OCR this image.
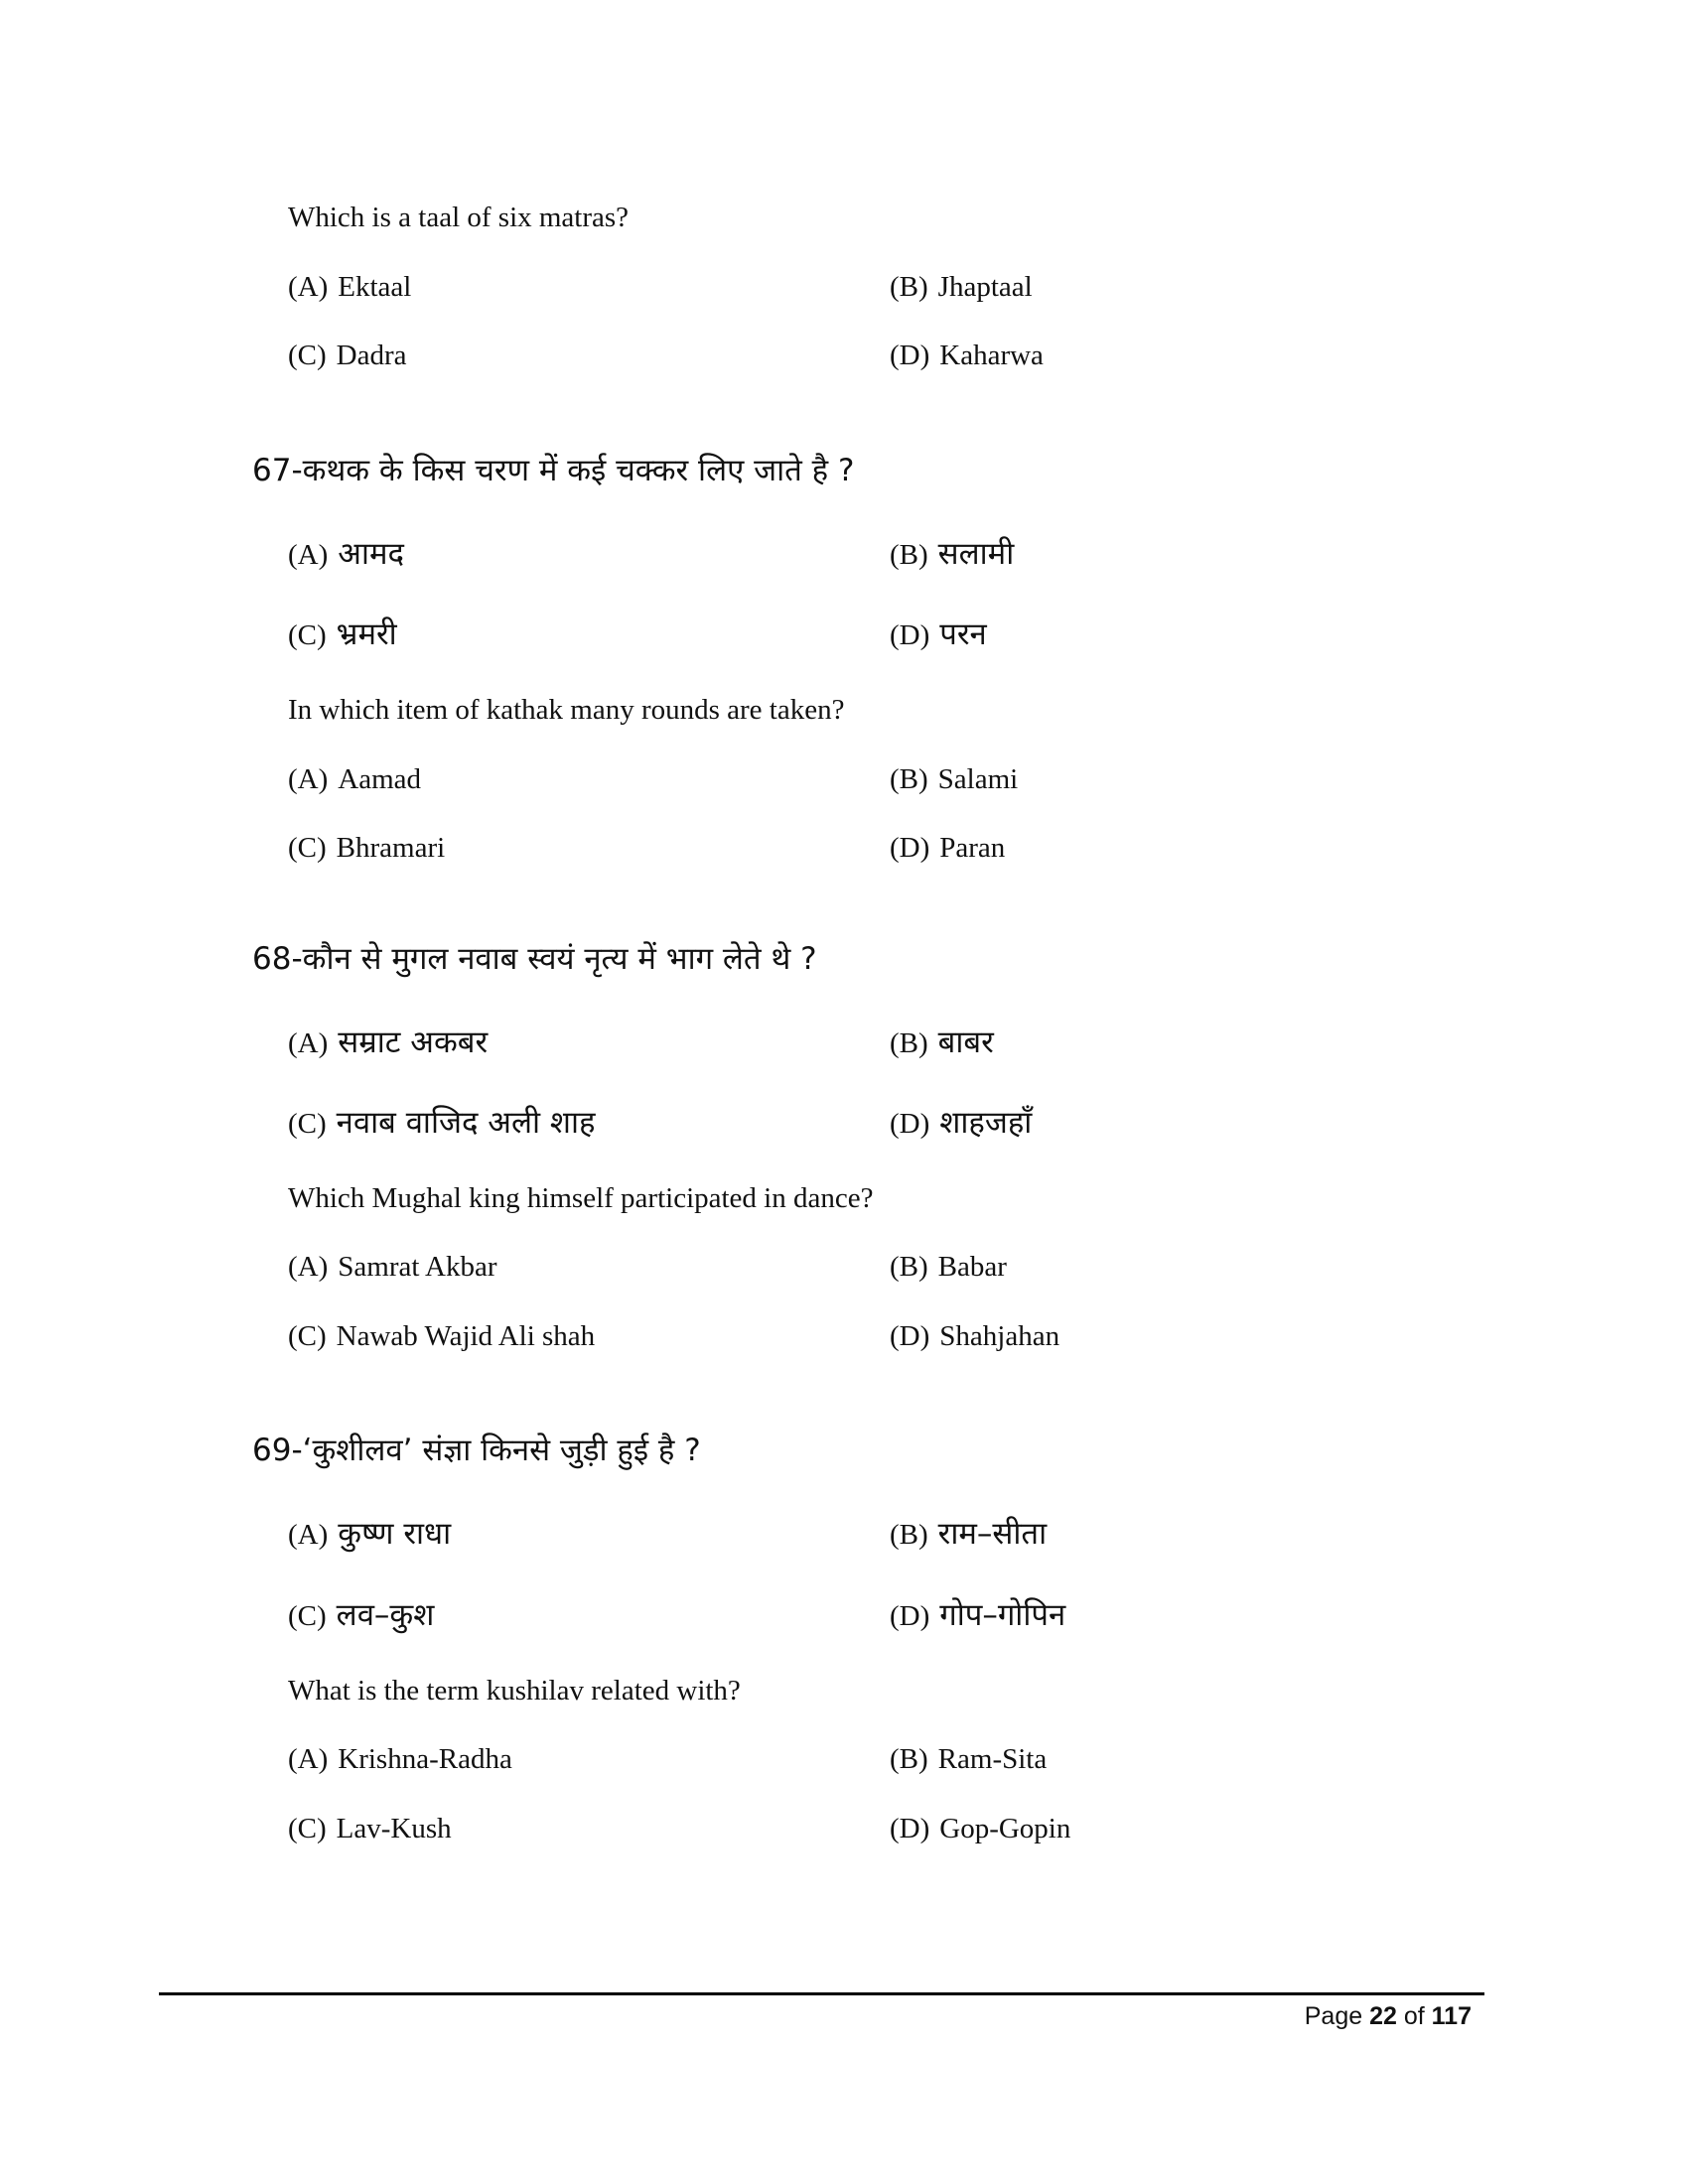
Which is a taal of six matras?
(A) Ektaal	(B) Jhaptaal
(C) Dadra	(D) Kaharwa
67-कथक के किस चरण में कई चक्कर लिए जाते है ?
(A) आमद	(B) सलामी
(C) भ्रमरी	(D) परन
In which item of kathak many rounds are taken?
(A) Aamad	(B) Salami
(C) Bhramari	(D) Paran
68-कौन से मुगल नवाब स्वयं नृत्य में भाग लेते थे ?
(A) सम्राट अकबर	(B) बाबर
(C) नवाब वाजिद अली शाह	(D) शाहजहाँ
Which Mughal king himself participated in dance?
(A) Samrat Akbar	(B) Babar
(C) Nawab Wajid Ali shah	(D) Shahjahan
69-‘कुशीलव’ संज्ञा किनसे जुड़ी हुई है ?
(A) कुष्ण राधा	(B) राम–सीता
(C) लव–कुश	(D) गोप–गोपिन
What is the term kushilav related with?
(A) Krishna-Radha	(B) Ram-Sita
(C) Lav-Kush	(D) Gop-Gopin
Page 22 of 117
